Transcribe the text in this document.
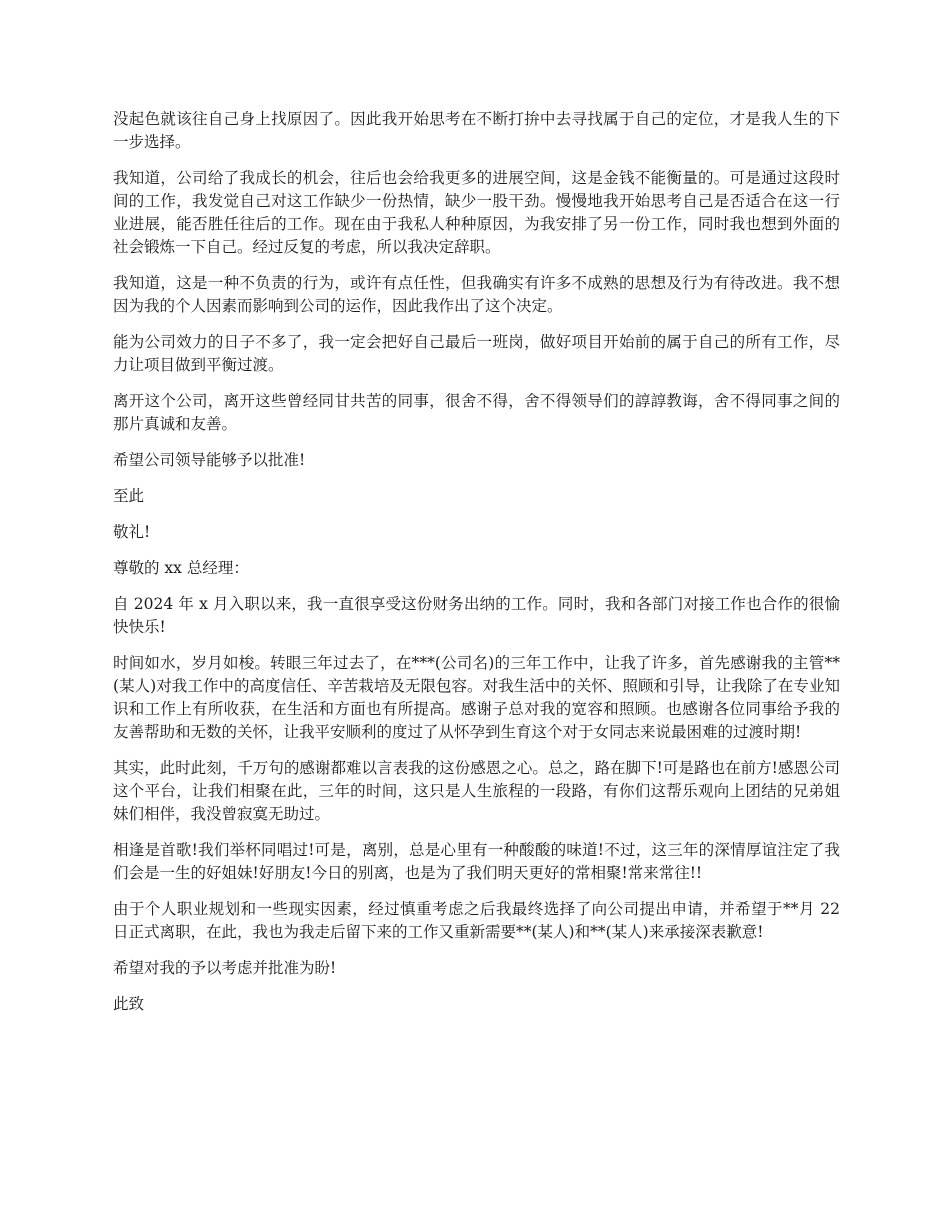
没起色就该往自己身上找原因了。因此我开始思考在不断打拚中去寻找属于自己的定位，才是我人生的下一步选择。

我知道，公司给了我成长的机会，往后也会给我更多的进展空间，这是金钱不能衡量的。可是通过这段时间的工作，我发觉自己对这工作缺少一份热情，缺少一股干劲。慢慢地我开始思考自己是否适合在这一行业进展，能否胜任往后的工作。现在由于我私人种种原因，为我安排了另一份工作，同时我也想到外面的社会锻炼一下自己。经过反复的考虑，所以我决定辞职。

我知道，这是一种不负责的行为，或许有点任性，但我确实有许多不成熟的思想及行为有待改进。我不想因为我的个人因素而影响到公司的运作，因此我作出了这个决定。

能为公司效力的日子不多了，我一定会把好自己最后一班岗，做好项目开始前的属于自己的所有工作，尽力让项目做到平衡过渡。

离开这个公司，离开这些曾经同甘共苦的同事，很舍不得，舍不得领导们的諄諄教诲，舍不得同事之间的那片真诚和友善。

希望公司领导能够予以批准!

至此

敬礼!

尊敬的 xx 总经理：

自 2024 年 x 月入职以来，我一直很享受这份财务出纳的工作。同时，我和各部门对接工作也合作的很愉快快乐!

时间如水，岁月如梭。转眼三年过去了，在***(公司名)的三年工作中，让我了许多，首先感谢我的主管**(某人)对我工作中的高度信任、辛苦栽培及无限包容。对我生活中的关怀、照顾和引导，让我除了在专业知识和工作上有所收获，在生活和方面也有所提高。感谢子总对我的宽容和照顾。也感谢各位同事给予我的友善帮助和无数的关怀，让我平安顺利的度过了从怀孕到生育这个对于女同志来说最困难的过渡时期!

其实，此时此刻，千万句的感谢都难以言表我的这份感恩之心。总之，路在脚下!可是路也在前方!感恩公司这个平台，让我们相聚在此，三年的时间，这只是人生旅程的一段路，有你们这帮乐观向上团结的兄弟姐妹们相伴，我没曾寂寞无助过。

相逢是首歌!我们举杯同唱过!可是，离别，总是心里有一种酸酸的味道!不过，这三年的深情厚谊注定了我们会是一生的好姐妹!好朋友!今日的别离，也是为了我们明天更好的常相聚!常来常往!!

由于个人职业规划和一些现实因素，经过慎重考虑之后我最终选择了向公司提出申请，并希望于**月 22 日正式离职，在此，我也为我走后留下来的工作又重新需要**(某人)和**(某人)来承接深表歉意!

希望对我的予以考虑并批准为盼!

此致
